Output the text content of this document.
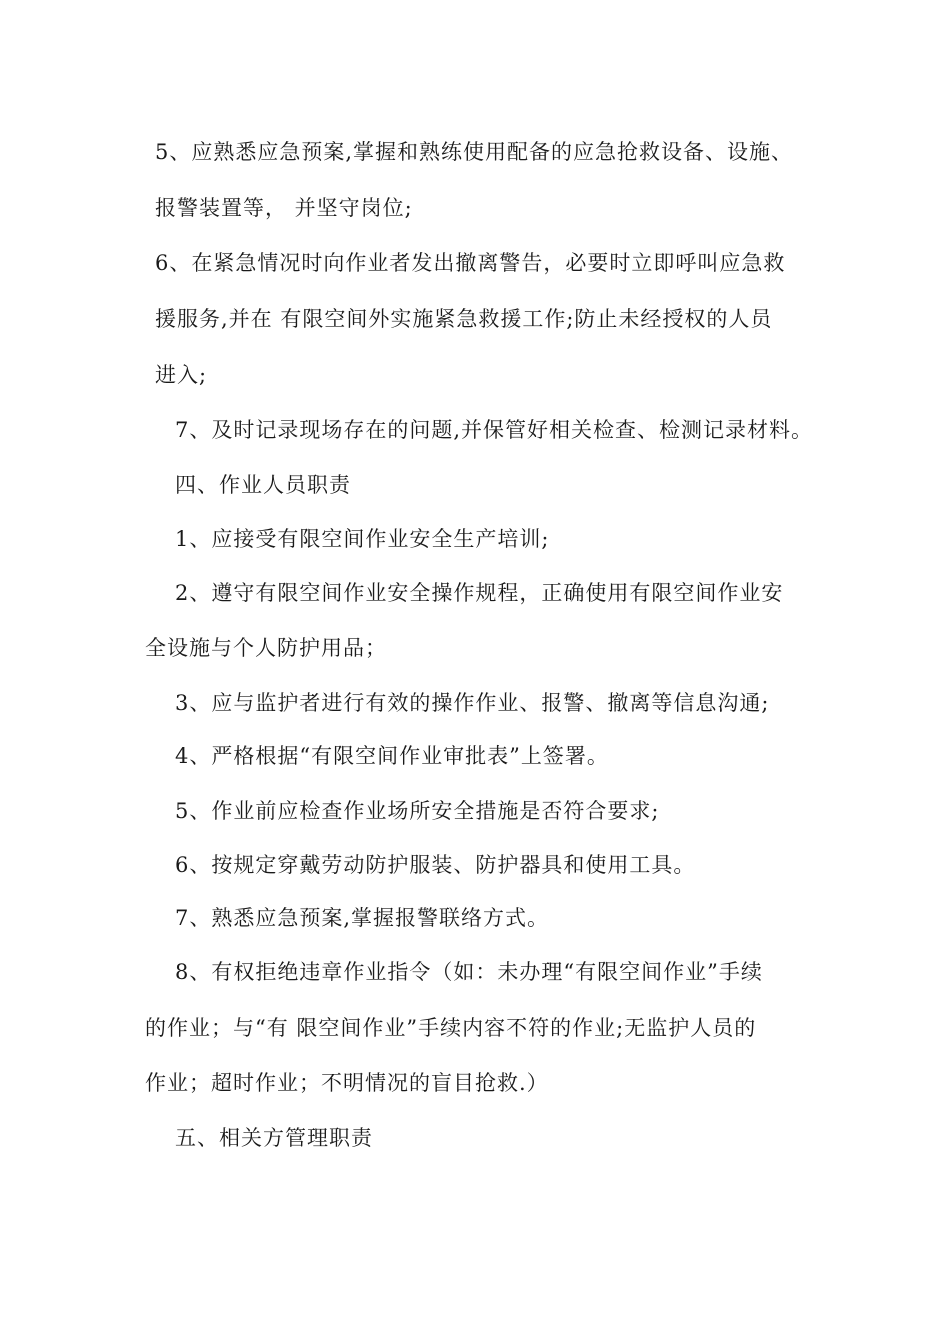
5、应熟悉应急预案,掌握和熟练使用配备的应急抢救设备、设施、
报警装置等， 并坚守岗位;
6、在紧急情况时向作业者发出撤离警告，必要时立即呼叫应急救
援服务,并在 有限空间外实施紧急救援工作;防止未经授权的人员
进入;
7、及时记录现场存在的问题,并保管好相关检查、检测记录材料。
四、作业人员职责
1、应接受有限空间作业安全生产培训;
2、遵守有限空间作业安全操作规程，正确使用有限空间作业安
全设施与个人防护用品；
3、应与监护者进行有效的操作作业、报警、撤离等信息沟通;
4、严格根据“有限空间作业审批表”上签署。
5、作业前应检查作业场所安全措施是否符合要求;
6、按规定穿戴劳动防护服装、防护器具和使用工具。
7、熟悉应急预案,掌握报警联络方式。
8、有权拒绝违章作业指令（如：未办理“有限空间作业”手续
的作业；与“有 限空间作业”手续内容不符的作业;无监护人员的
作业；超时作业；不明情况的盲目抢救.）
五、相关方管理职责
